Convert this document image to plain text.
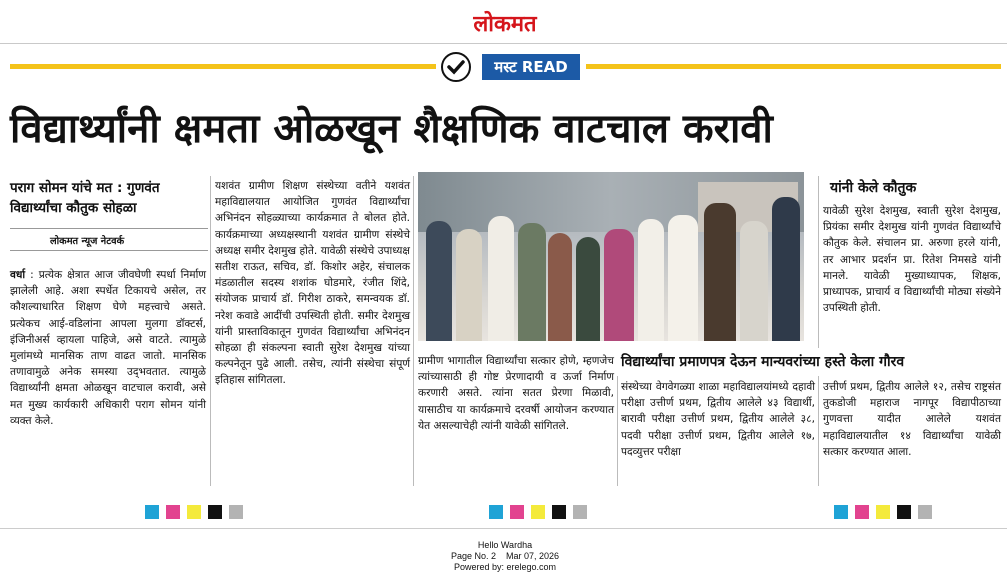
लोकमत
मस्ट READ
विद्यार्थ्यांनी क्षमता ओळखून शैक्षणिक वाटचाल करावी
पराग सोमन यांचे मत : गुणवंत विद्यार्थ्यांचा कौतुक सोहळा
लोकमत न्यूज नेटवर्क
वर्धा : प्रत्येक क्षेत्रात आज जीवघेणी स्पर्धा निर्माण झालेली आहे. अशा स्पर्धेत टिकायचे असेल, तर कौशल्याधारित शिक्षण घेणे महत्त्वाचे असते. प्रत्येकच आई-वडिलांना आपला मुलगा डॉक्टर्स, इंजिनीअर्स व्हायला पाहिजे, असे वाटते. त्यामुळे मुलांमध्ये मानसिक ताण वाढत जातो. मानसिक तणावामुळे अनेक समस्या उद्‌भवतात. त्यामुळे विद्यार्थ्यांनी क्षमता ओळखून वाटचाल करावी, असे मत मुख्य कार्यकारी अधिकारी पराग सोमन यांनी व्यक्त केले.
यशवंत ग्रामीण शिक्षण संस्थेच्या वतीने यशवंत महाविद्यालयात आयोजित गुणवंत विद्यार्थ्यांचा अभिनंदन सोहळ्याच्या कार्यक्रमात ते बोलत होते. कार्यक्रमाच्या अध्यक्षस्थानी यशवंत ग्रामीण संस्थेचे अध्यक्ष समीर देशमुख होते. यावेळी संस्थेचे उपाध्यक्ष सतीश राऊत, सचिव, डॉ. किशोर अहेर, संचालक मंडळातील सदस्य शशांक घोडमारे, रंजीत शिंदे, संयोजक प्राचार्य डॉ. गिरीश ठाकरे, समन्वयक डॉ. नरेश कवाडे आदींची उपस्थिती होती. समीर देशमुख यांनी प्रास्ताविकातून गुणवंत विद्यार्थ्यांचा अभिनंदन सोहळा ही संकल्पना स्वाती सुरेश देशमुख यांच्या कल्पनेतून पुढे आली. तसेच, त्यांनी संस्थेचा संपूर्ण इतिहास सांगितला.
ग्रामीण भागातील विद्यार्थ्यांचा सत्कार होणे, म्हणजेच त्यांच्यासाठी ही गोष्ट प्रेरणादायी व ऊर्जा निर्माण करणारी असते. त्यांना सतत प्रेरणा मिळावी, यासाठीच या कार्यक्रमाचे दरवर्षी आयोजन करण्यात येत असल्याचेही त्यांनी यावेळी सांगितले.
यांनी केले कौतुक
यावेळी सुरेश देशमुख, स्वाती सुरेश देशमुख, प्रियंका समीर देशमुख यांनी गुणवंत विद्यार्थ्यांचे कौतुक केले. संचालन प्रा. अरुणा हरले यांनी, तर आभार प्रदर्शन प्रा. रितेश निमसडे यांनी मानले. यावेळी मुख्याध्यापक, शिक्षक, प्राध्यापक, प्राचार्य व विद्यार्थ्यांची मोठ्या संख्येने उपस्थिती होती.
विद्यार्थ्यांचा प्रमाणपत्र देऊन मान्यवरांच्या हस्ते केला गौरव
संस्थेच्या वेगवेगळ्या शाळा महाविद्यालयांमध्ये दहावी परीक्षा उत्तीर्ण प्रथम, द्वितीय आलेले ४३ विद्यार्थी, बारावी परीक्षा उत्तीर्ण प्रथम, द्वितीय आलेले ३८, पदवी परीक्षा उत्तीर्ण प्रथम, द्वितीय आलेले १७, पदव्युत्तर परीक्षा
उत्तीर्ण प्रथम, द्वितीय आलेले १२, तसेच राष्ट्रसंत तुकडोजी महाराज नागपूर विद्यापीठाच्या गुणवत्ता यादीत आलेले यशवंत महाविद्यालयातील १४ विद्यार्थ्यांचा यावेळी सत्कार करण्यात आला.
Hello Wardha
Page No. 2    Mar 07, 2026
Powered by: erelego.com
